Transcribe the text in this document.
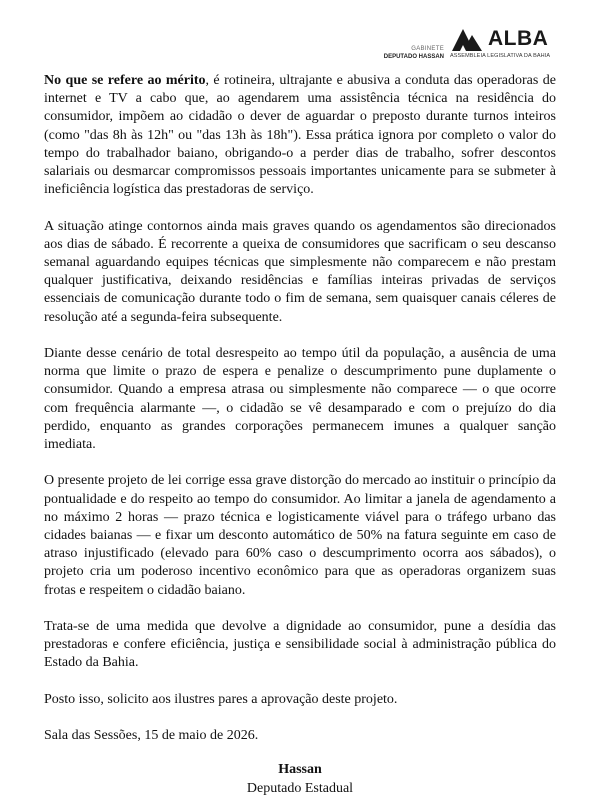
GABINETE
DEPUTADO HASSAN
ALBA
ASSEMBLEIA LEGISLATIVA DA BAHIA

No que se refere ao mérito, é rotineira, ultrajante e abusiva a conduta das operadoras de internet e TV a cabo que, ao agendarem uma assistência técnica na residência do consumidor, impõem ao cidadão o dever de aguardar o preposto durante turnos inteiros (como "das 8h às 12h" ou "das 13h às 18h"). Essa prática ignora por completo o valor do tempo do trabalhador baiano, obrigando-o a perder dias de trabalho, sofrer descontos salariais ou desmarcar compromissos pessoais importantes unicamente para se submeter à ineficiência logística das prestadoras de serviço.

A situação atinge contornos ainda mais graves quando os agendamentos são direcionados aos dias de sábado. É recorrente a queixa de consumidores que sacrificam o seu descanso semanal aguardando equipes técnicas que simplesmente não comparecem e não prestam qualquer justificativa, deixando residências e famílias inteiras privadas de serviços essenciais de comunicação durante todo o fim de semana, sem quaisquer canais céleres de resolução até a segunda-feira subsequente.

Diante desse cenário de total desrespeito ao tempo útil da população, a ausência de uma norma que limite o prazo de espera e penalize o descumprimento pune duplamente o consumidor. Quando a empresa atrasa ou simplesmente não comparece — o que ocorre com frequência alarmante —, o cidadão se vê desamparado e com o prejuízo do dia perdido, enquanto as grandes corporações permanecem imunes a qualquer sanção imediata.

O presente projeto de lei corrige essa grave distorção do mercado ao instituir o princípio da pontualidade e do respeito ao tempo do consumidor. Ao limitar a janela de agendamento a no máximo 2 horas — prazo técnica e logisticamente viável para o tráfego urbano das cidades baianas — e fixar um desconto automático de 50% na fatura seguinte em caso de atraso injustificado (elevado para 60% caso o descumprimento ocorra aos sábados), o projeto cria um poderoso incentivo econômico para que as operadoras organizem suas frotas e respeitem o cidadão baiano.

Trata-se de uma medida que devolve a dignidade ao consumidor, pune a desídia das prestadoras e confere eficiência, justiça e sensibilidade social à administração pública do Estado da Bahia.

Posto isso, solicito aos ilustres pares a aprovação deste projeto.

Sala das Sessões, 15 de maio de 2026.

Hassan
Deputado Estadual
